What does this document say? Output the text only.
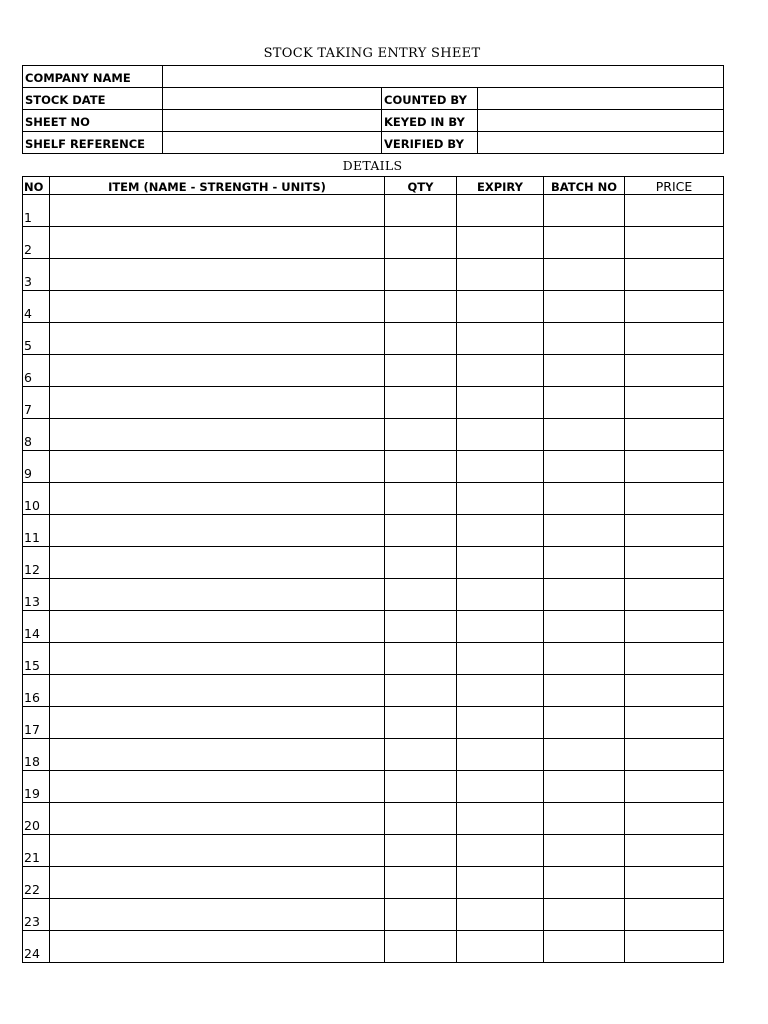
STOCK TAKING ENTRY SHEET
COMPANY NAME			
STOCK DATE		COUNTED BY	
SHEET NO		KEYED IN BY	
SHELF REFERENCE		VERIFIED BY	
DETAILS
NO	ITEM (NAME - STRENGTH - UNITS)	QTY	EXPIRY	BATCH NO	PRICE
1					
2					
3					
4					
5					
6					
7					
8					
9					
10					
11					
12					
13					
14					
15					
16					
17					
18					
19					
20					
21					
22					
23					
24					
